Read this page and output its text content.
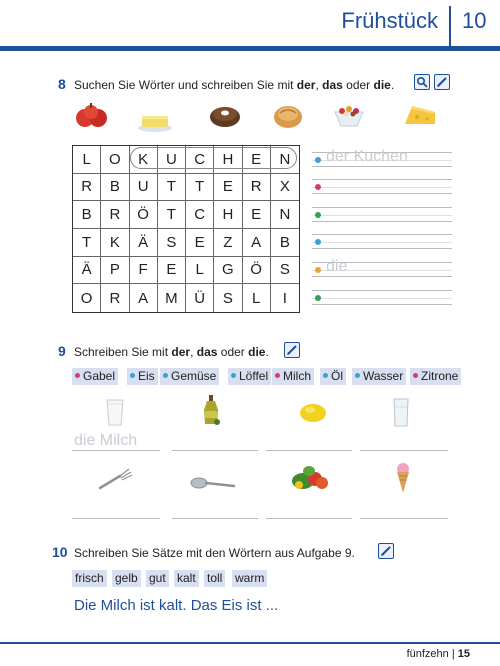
Frühstück 10
8 Suchen Sie Wörter und schreiben Sie mit der, das oder die.
L	O	K	U	C	H	E	N
R	B	U	T	T	E	R	X
B	R	Ö	T	C	H	E	N
T	K	Ä	S	E	Z	A	B
Ä	P	F	E	L	G	Ö	S
O	R	A	M	Ü	S	L	I
der Kuchen
die
9 Schreiben Sie mit der, das oder die.
Gabel	Eis	Gemüse	Löffel	Milch	Öl	Wasser	Zitrone
die Milch
10 Schreiben Sie Sätze mit den Wörtern aus Aufgabe 9.
frisch gelb gut kalt toll warm
Die Milch ist kalt. Das Eis ist ...
fünfzehn | 15
